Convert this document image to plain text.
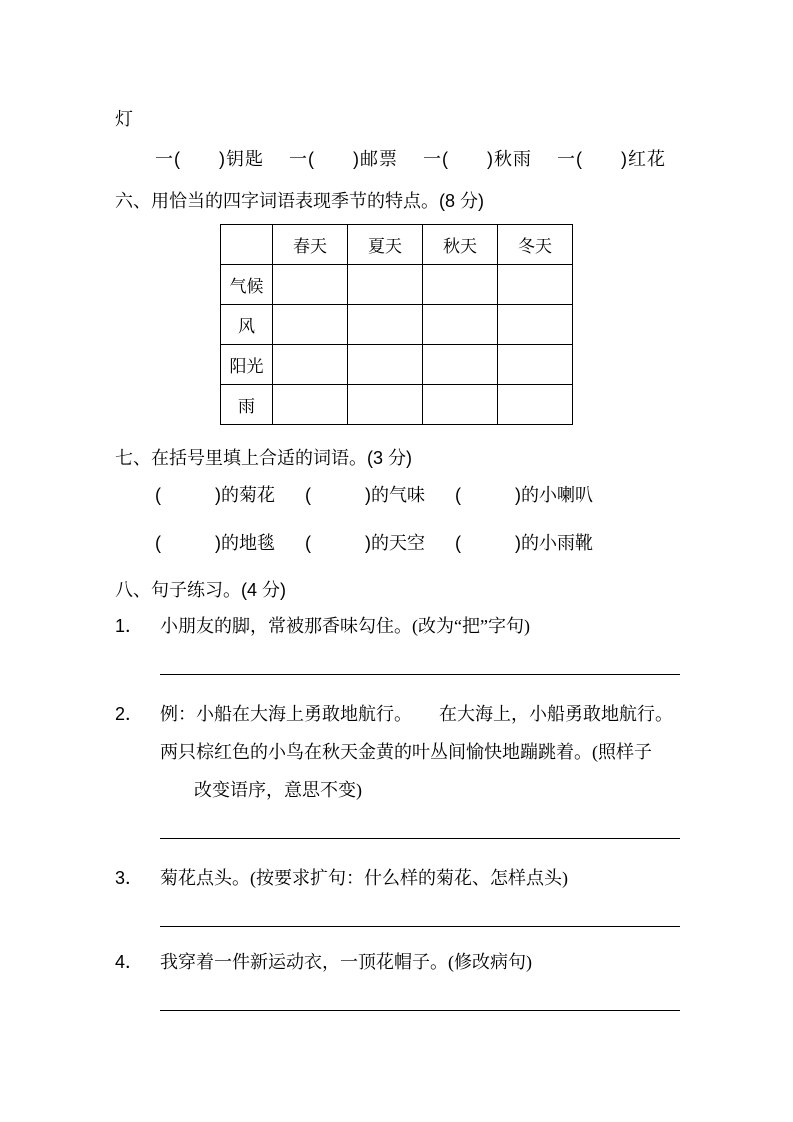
灯
一(　　)钥匙　 一(　　)邮票　 一(　　)秋雨　 一(　　)红花
六、用恰当的四字词语表现季节的特点。(8 分)
	春天	夏天	秋天	冬天
气候				
风				
阳光				
雨				
七、在括号里填上合适的词语。(3 分)
(　　　)的菊花 (　　　)的气味 (　　　)的小喇叭
(　　　)的地毯 (　　　)的天空 (　　　)的小雨靴
八、句子练习。(4 分)
1． 小朋友的脚，常被那香味勾住。(改为“把”字句)
2． 例：小船在大海上勇敢地航行。　　在大海上，小船勇敢地航行。
两只棕红色的小鸟在秋天金黄的叶丛间愉快地蹦跳着。(照样子
改变语序，意思不变)
3． 菊花点头。(按要求扩句：什么样的菊花、怎样点头)
4． 我穿着一件新运动衣，一顶花帽子。(修改病句)
